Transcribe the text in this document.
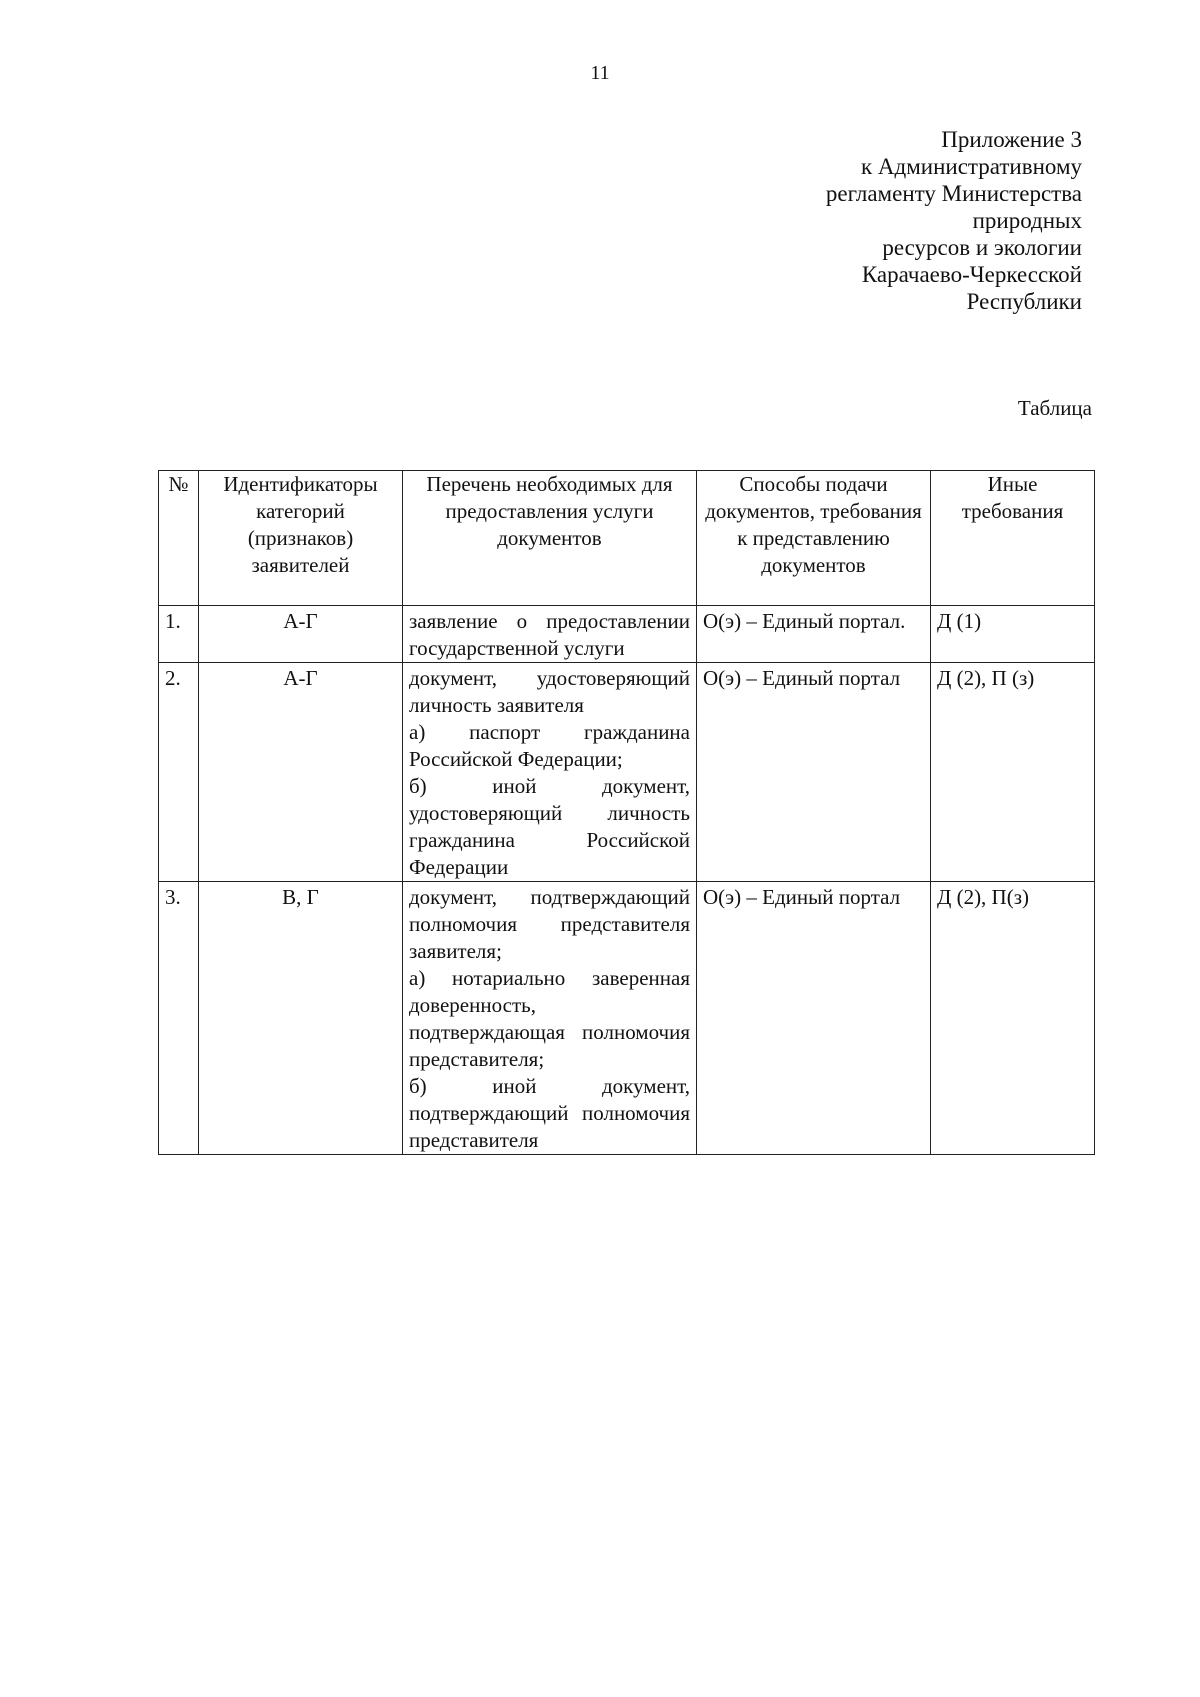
11
Приложение 3
к Административному
регламенту Министерства
природных
ресурсов и экологии
Карачаево-Черкесской
Республики
Таблица
№	Идентификаторы категорий (признаков) заявителей	Перечень необходимых для предоставления услуги документов	Способы подачи документов, требования к представлению документов	Иные требования
1.	А-Г	заявление о предоставлении государственной услуги	О(э) – Единый портал.	Д (1)
2.	А-Г	документ, удостоверяющий личность заявителя
а) паспорт гражданина Российской Федерации;
б) иной документ, удостоверяющий личность гражданина Российской Федерации	О(э) – Единый портал	Д (2), П (з)
3.	В, Г	документ, подтверждающий полномочия представителя заявителя;
а) нотариально заверенная доверенность, подтверждающая полномочия представителя;
б) иной документ, подтверждающий полномочия представителя	О(э) – Единый портал	Д (2), П(з)
